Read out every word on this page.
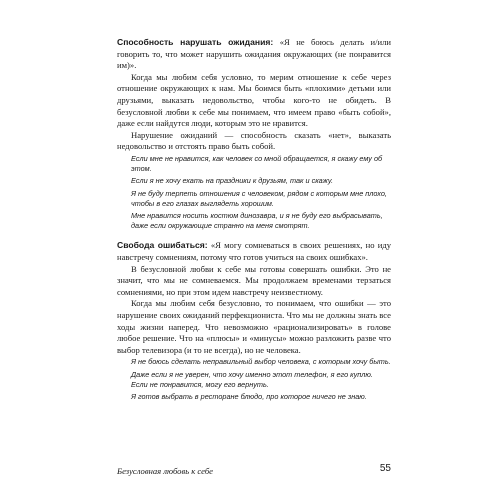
Способность нарушать ожидания: «Я не боюсь делать и/или говорить то, что может нарушить ожидания окружающих (не понравится им)».

Когда мы любим себя условно, то мерим отношение к себе через отношение окружающих к нам. Мы боимся быть «плохими» детьми или друзьями, выказать недовольство, чтобы кого-то не обидеть. В безусловной любви к себе мы понимаем, что имеем право «быть собой», даже если найдутся люди, которым это не нравится.

Нарушение ожиданий — способность сказать «нет», выказать недовольство и отстоять право быть собой.

Если мне не нравится, как человек со мной обращается, я скажу ему об этом.

Если я не хочу ехать на праздники к друзьям, так и скажу.

Я не буду терпеть отношения с человеком, рядом с которым мне плохо, чтобы в его глазах выглядеть хорошим.

Мне нравится носить костюм динозавра, и я не буду его выбрасывать, даже если окружающие странно на меня смотрят.

Свобода ошибаться: «Я могу сомневаться в своих решениях, но иду навстречу сомнениям, потому что готов учиться на своих ошибках».

В безусловной любви к себе мы готовы совершать ошибки. Это не значит, что мы не сомневаемся. Мы продолжаем временами терзаться сомнениями, но при этом идем навстречу неизвестному.

Когда мы любим себя безусловно, то понимаем, что ошибки — это нарушение своих ожиданий перфекциониста. Что мы не должны знать все ходы жизни наперед. Что невозможно «рационализировать» в голове любое решение. Что на «плюсы» и «минусы» можно разложить разве что выбор телевизора (и то не всегда), но не человека.

Я не боюсь сделать неправильный выбор человека, с которым хочу быть.

Даже если я не уверен, что хочу именно этот телефон, я его куплю. Если не понравится, могу его вернуть.

Я готов выбрать в ресторане блюдо, про которое ничего не знаю.

Безусловная любовь к себе	55
